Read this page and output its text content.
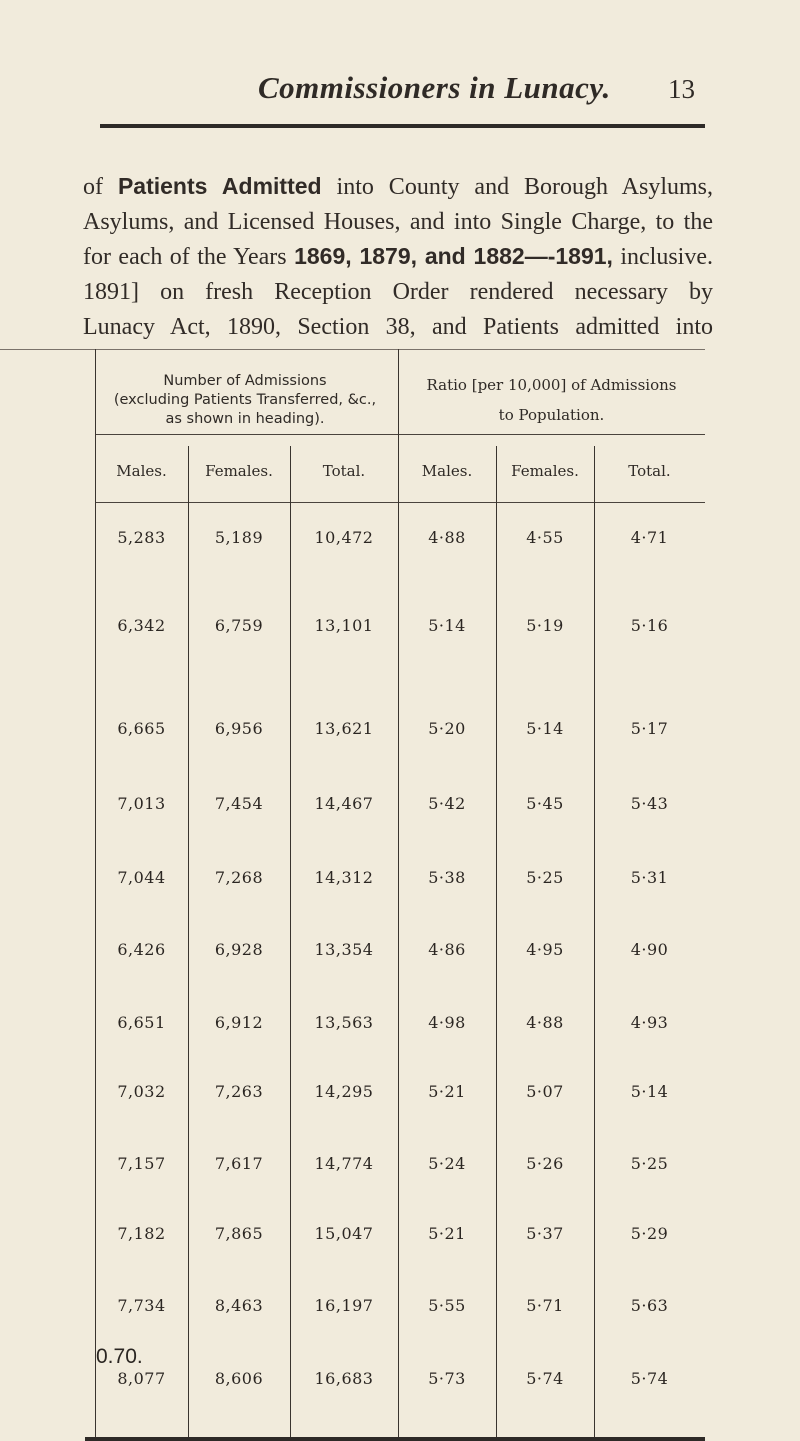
Commissioners in Lunacy. 13
of Patients Admitted into County and Borough Asylums,
Asylums, and Licensed Houses, and into Single Charge, to the
for each of the Years 1869, 1879, and 1882—-1891, inclusive.
1891] on fresh Reception Order rendered necessary by
Lunacy Act, 1890, Section 38, and Patients admitted into
Number of Admissions
(excluding Patients Transferred, &c.,
as shown in heading).
Ratio [per 10,000] of Admissions
to Population.
Males.	Females.	Total.	Males.	Females.	Total.
5,283	5,189	10,472	4·88	4·55	4·71
6,342	6,759	13,101	5·14	5·19	5·16
6,665	6,956	13,621	5·20	5·14	5·17
7,013	7,454	14,467	5·42	5·45	5·43
7,044	7,268	14,312	5·38	5·25	5·31
6,426	6,928	13,354	4·86	4·95	4·90
6,651	6,912	13,563	4·98	4·88	4·93
7,032	7,263	14,295	5·21	5·07	5·14
7,157	7,617	14,774	5·24	5·26	5·25
7,182	7,865	15,047	5·21	5·37	5·29
7,734	8,463	16,197	5·55	5·71	5·63
8,077	8,606	16,683	5·73	5·74	5·74
0.70.
